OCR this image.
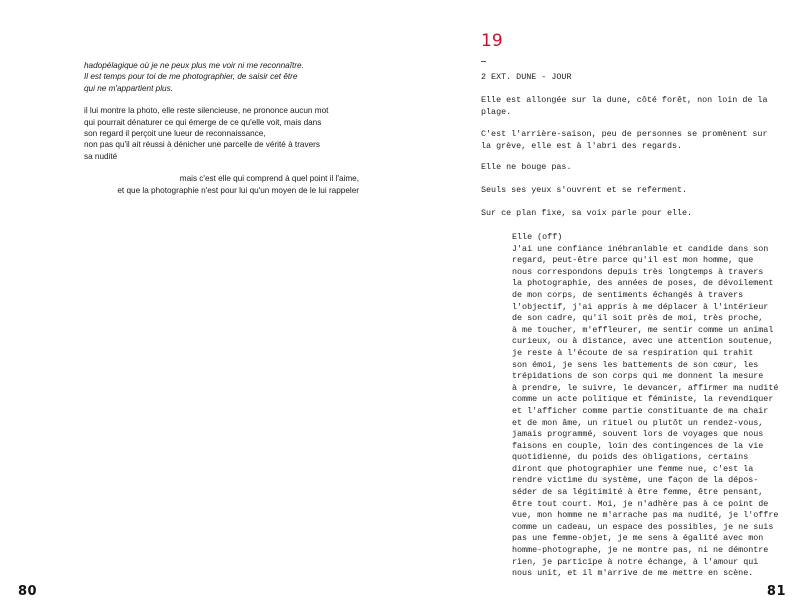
hadopélagique où je ne peux plus me voir ni me reconnaître.
Il est temps pour toi de me photographier, de saisir cet être
qui ne m'appartient plus.
il lui montre la photo, elle reste silencieuse, ne prononce aucun mot
qui pourrait dénaturer ce qui émerge de ce qu'elle voit, mais dans
son regard il perçoit une lueur de reconnaissance,
non pas qu'il ait réussi à dénicher une parcelle de vérité à travers
sa nudité
mais c'est elle qui comprend à quel point il l'aime,
et que la photographie n'est pour lui qu'un moyen de le lui rappeler
80
19
2 EXT. DUNE - JOUR
Elle est allongée sur la dune, côté forêt, non loin de la
plage.
C'est l'arrière-saison, peu de personnes se promènent sur
la grève, elle est à l'abri des regards.
Elle ne bouge pas.
Seuls ses yeux s'ouvrent et se referment.
Sur ce plan fixe, sa voix parle pour elle.
Elle (off)
J'ai une confiance inébranlable et candide dans son
regard, peut-être parce qu'il est mon homme, que
nous correspondons depuis très longtemps à travers
la photographie, des années de poses, de dévoilement
de mon corps, de sentiments échangés à travers
l'objectif, j'ai appris à me déplacer à l'intérieur
de son cadre, qu'il soit près de moi, très proche,
à me toucher, m'effleurer, me sentir comme un animal
curieux, ou à distance, avec une attention soutenue,
je reste à l'écoute de sa respiration qui trahit
son émoi, je sens les battements de son cœur, les
trépidations de son corps qui me donnent la mesure
à prendre, le suivre, le devancer, affirmer ma nudité
comme un acte politique et féministe, la revendiquer
et l'afficher comme partie constituante de ma chair
et de mon âme, un rituel ou plutôt un rendez-vous,
jamais programmé, souvent lors de voyages que nous
faisons en couple, loin des contingences de la vie
quotidienne, du poids des obligations, certains
diront que photographier une femme nue, c'est la
rendre victime du système, une façon de la dépos-
séder de sa légitimité à être femme, être pensant,
être tout court. Moi, je n'adhère pas à ce point de
vue, mon homme ne m'arrache pas ma nudité, je l'offre
comme un cadeau, un espace des possibles, je ne suis
pas une femme-objet, je me sens à égalité avec mon
homme-photographe, je ne montre pas, ni ne démontre
rien, je participe à notre échange, à l'amour qui
nous unit, et il m'arrive de me mettre en scène.
81
